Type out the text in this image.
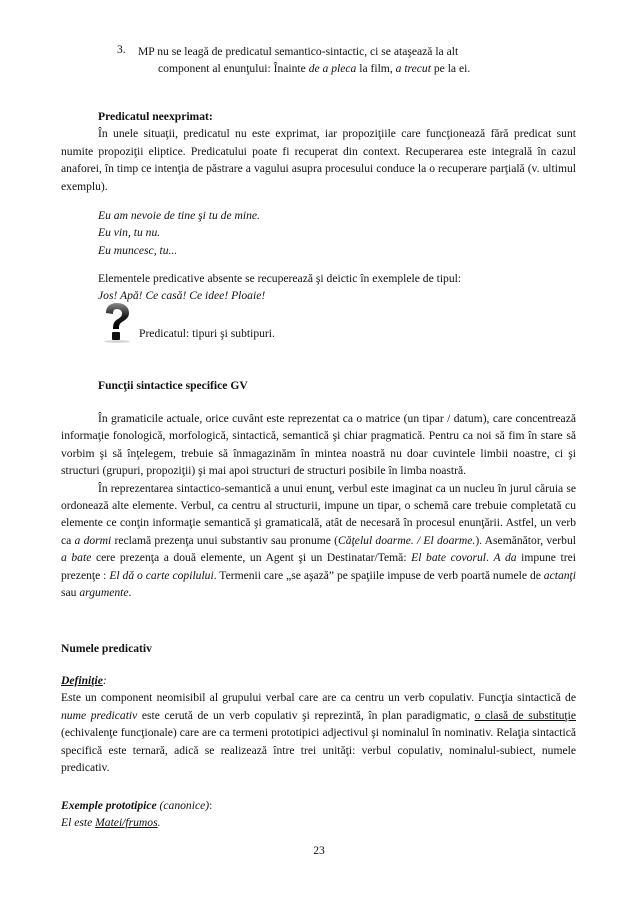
3. MP nu se leagă de predicatul semantico-sintactic, ci se ataşează la alt
component al enunţului: Înainte de a pleca la film, a trecut pe la ei.

Predicatul neexprimat:

În unele situaţii, predicatul nu este exprimat, iar propoziţiile care funcţionează fără predicat sunt numite propoziţii eliptice. Predicatului poate fi recuperat din context. Recuperarea este integrală în cazul anaforei, în timp ce intenţia de păstrare a vagului asupra procesului conduce la o recuperare parţială (v. ultimul exemplu).

Eu am nevoie de tine şi tu de mine.

Eu vin, tu nu.

Eu muncesc, tu...

Elementele predicative absente se recuperează şi deictic în exemplele de tipul:

Jos! Apă! Ce casă! Ce idee! Ploaie!

Predicatul: tipuri şi subtipuri.

Funcţii sintactice specifice GV

În gramaticile actuale, orice cuvânt este reprezentat ca o matrice (un tipar / datum), care concentrează informaţie fonologică, morfologică, sintactică, semantică şi chiar pragmatică. Pentru ca noi să fim în stare să vorbim şi să înţelegem, trebuie să înmagazinăm în mintea noastră nu doar cuvintele limbii noastre, ci şi structuri (grupuri, propoziţii) şi mai apoi structuri de structuri posibile în limba noastră.

În reprezentarea sintactico-semantică a unui enunţ, verbul este imaginat ca un nucleu în jurul căruia se ordonează alte elemente. Verbul, ca centru al structurii, impune un tipar, o schemă care trebuie completată cu elemente ce conţin informaţie semantică şi gramaticală, atât de necesară în procesul enunţării. Astfel, un verb ca a dormi reclamă prezenţa unui substantiv sau pronume (Căţelul doarme. / El doarme.). Asemănător, verbul a bate cere prezenţa a două elemente, un Agent şi un Destinatar/Temă: El bate covorul. A da impune trei prezenţe : El dă o carte copilului. Termenii care „se aşază” pe spaţiile impuse de verb poartă numele de actanţi sau argumente.

Numele predicativ

Definiţie:

Este un component neomisibil al grupului verbal care are ca centru un verb copulativ. Funcţia sintactică de nume predicativ este cerută de un verb copulativ şi reprezintă, în plan paradigmatic, o clasă de substituţie (echivalenţe funcţionale) care are ca termeni prototipici adjectivul şi nominalul în nominativ. Relaţia sintactică specifică este ternară, adică se realizează între trei unităţi: verbul copulativ, nominalul-subiect, numele predicativ.

Exemple prototipice (canonice):

El este Matei/frumos.

23
